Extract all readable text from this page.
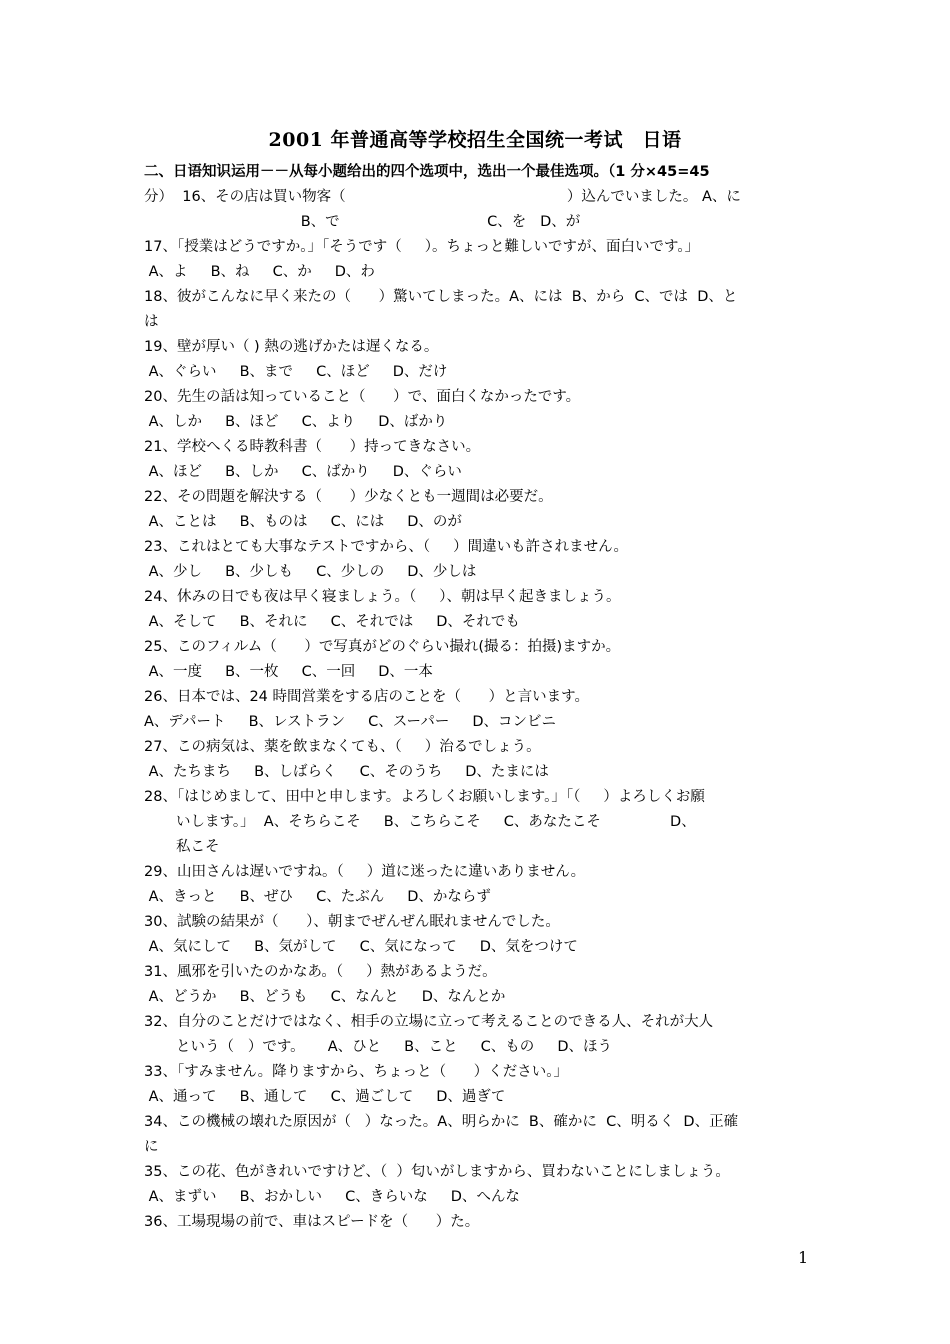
2001 年普通高等学校招生全国统一考试　日语
二、日语知识运用－－从每小题给出的四个选项中，选出一个最佳选项。（1 分×45=45
分）  16、その店は買い物客（                                                ）込んでいました。 A、に
B、で                                C、を   D、が
17、「授業はどうですか。」「そうです（     ）。ちょっと難しいですが、面白いです。」
A、よ     B、ね     C、か     D、わ
18、彼がこんなに早く来たの（      ）驚いてしまった。A、には  B、から  C、では  D、と
は
19、壁が厚い（ ) 熱の逃げかたは遅くなる。
A、ぐらい     B、まで     C、ほど     D、だけ
20、先生の話は知っていること（      ）で、面白くなかったです。
A、しか     B、ほど     C、より     D、ばかり
21、学校へくる時教科書（      ）持ってきなさい。
A、ほど     B、しか     C、ばかり     D、ぐらい
22、その問題を解決する（      ）少なくとも一週間は必要だ。
A、ことは     B、ものは     C、には     D、のが
23、これはとても大事なテストですから、（     ）間違いも許されません。
A、少し     B、少しも     C、少しの     D、少しは
24、休みの日でも夜は早く寝ましょう。（     ）、朝は早く起きましょう。
A、そして     B、それに     C、それでは     D、それでも
25、このフィルム（      ）で写真がどのぐらい撮れ(撮る：拍摄)ますか。
A、一度     B、一枚     C、一回     D、一本
26、日本では、24 時間営業をする店のことを（      ）と言います。
A、デパート     B、レストラン     C、スーパー     D、コンビニ
27、この病気は、薬を飲まなくても、（     ）治るでしょう。
A、たちまち     B、しばらく     C、そのうち     D、たまには
28、「はじめまして、田中と申します。よろしくお願いします。」「（     ）よろしくお願
いします。」  A、そちらこそ     B、こちらこそ     C、あなたこそ               D、
私こそ
29、山田さんは遅いですね。（     ）道に迷ったに違いありません。
A、きっと     B、ぜひ     C、たぶん     D、かならず
30、試験の結果が（      ）、朝までぜんぜん眠れませんでした。
A、気にして     B、気がして     C、気になって     D、気をつけて
31、風邪を引いたのかなあ。（     ）熱があるようだ。
A、どうか     B、どうも     C、なんと     D、なんとか
32、自分のことだけではなく、相手の立場に立って考えることのできる人、それが大人
という（   ）です。     A、ひと     B、こと     C、もの     D、ほう
33、「すみません。降りますから、ちょっと（      ）ください。」
A、通って     B、通して     C、過ごして     D、過ぎて
34、この機械の壊れた原因が（   ）なった。A、明らかに  B、確かに  C、明るく  D、正確
に
35、この花、色がきれいですけど、（  ）匂いがしますから、買わないことにしましょう。
A、まずい     B、おかしい     C、きらいな     D、へんな
36、工場現場の前で、車はスピードを（      ）た。
1
